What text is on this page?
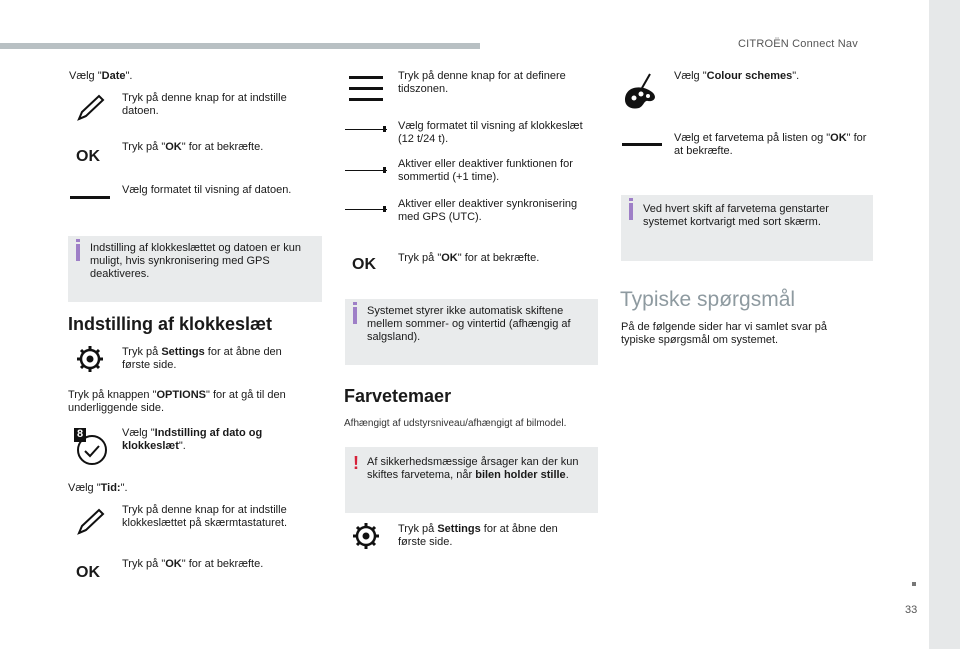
CITROËN Connect Nav
33
Vælg "Date".
Tryk på denne knap for at indstille datoen.
OK
Tryk på "OK" for at bekræfte.
Vælg formatet til visning af datoen.
Indstilling af klokkeslættet og datoen er kun muligt, hvis synkronisering med GPS deaktiveres.
Indstilling af klokkeslæt
Tryk på Settings for at åbne den første side.
Tryk på knappen "OPTIONS" for at gå til den underliggende side.
8	Vælg "Indstilling af dato og klokkeslæt".
Vælg "Tid:".
Tryk på denne knap for at indstille klokkeslættet på skærmtastaturet.
OK Tryk på "OK" for at bekræfte.
Tryk på denne knap for at definere tidszonen.
Vælg formatet til visning af klokkeslæt (12 t/24 t).
Aktiver eller deaktiver funktionen for sommertid (+1 time).
Aktiver eller deaktiver synkronisering med GPS (UTC).
OK Tryk på "OK" for at bekræfte.
Systemet styrer ikke automatisk skiftene mellem sommer- og vintertid (afhængig af salgsland).
Farvetemaer
Afhængigt af udstyrsniveau/afhængigt af bilmodel.
! Af sikkerhedsmæssige årsager kan der kun skiftes farvetema, når bilen holder stille.
Tryk på Settings for at åbne den første side.
Vælg "Colour schemes".
Vælg et farvetema på listen og "OK" for at bekræfte.
Ved hvert skift af farvetema genstarter systemet kortvarigt med sort skærm.
Typiske spørgsmål
På de følgende sider har vi samlet svar på typiske spørgsmål om systemet.
